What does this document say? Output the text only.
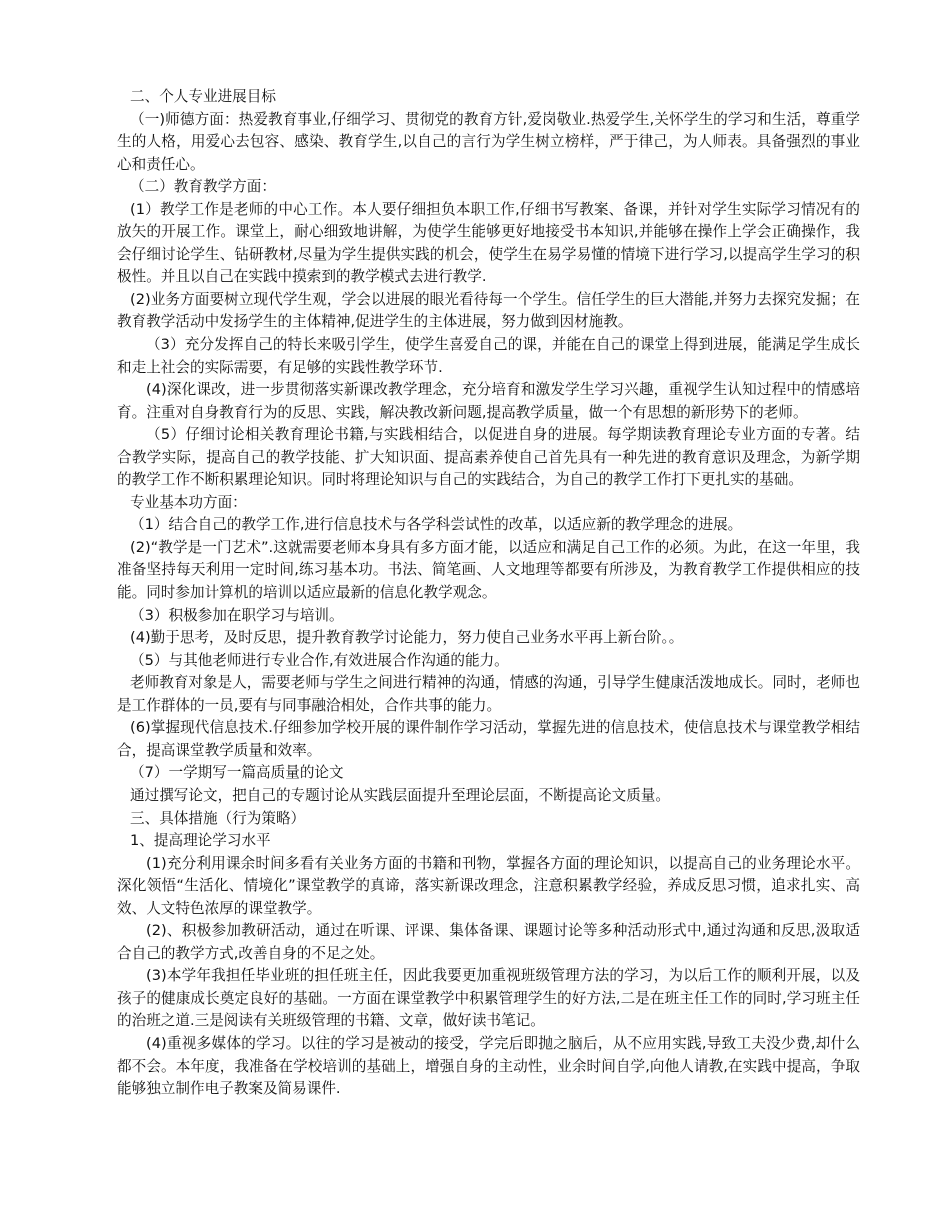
二、个人专业进展目标

（一)师德方面：热爱教育事业,仔细学习、贯彻党的教育方针,爱岗敬业.热爱学生,关怀学生的学习和生活，尊重学生的人格，用爱心去包容、感染、教育学生,以自己的言行为学生树立榜样，严于律己，为人师表。具备强烈的事业心和责任心。

（二）教育教学方面：

(1）教学工作是老师的中心工作。本人要仔细担负本职工作,仔细书写教案、备课，并针对学生实际学习情况有的放矢的开展工作。课堂上，耐心细致地讲解，为使学生能够更好地接受书本知识,并能够在操作上学会正确操作，我会仔细讨论学生、钻研教材,尽量为学生提供实践的机会，使学生在易学易懂的情境下进行学习,以提高学生学习的积极性。并且以自己在实践中摸索到的教学模式去进行教学.

(2)业务方面要树立现代学生观，学会以进展的眼光看待每一个学生。信任学生的巨大潜能,并努力去探究发掘；在教育教学活动中发扬学生的主体精神,促进学生的主体进展，努力做到因材施教。

（3）充分发挥自己的特长来吸引学生，使学生喜爱自己的课，并能在自己的课堂上得到进展，能满足学生成长和走上社会的实际需要，有足够的实践性教学环节.

(4)深化课改，进一步贯彻落实新课改教学理念，充分培育和激发学生学习兴趣，重视学生认知过程中的情感培育。注重对自身教育行为的反思、实践，解决教改新问题,提高教学质量，做一个有思想的新形势下的老师。

（5）仔细讨论相关教育理论书籍,与实践相结合，以促进自身的进展。每学期读教育理论专业方面的专著。结合教学实际，提高自己的教学技能、扩大知识面、提高素养使自己首先具有一种先进的教育意识及理念，为新学期的教学工作不断积累理论知识。同时将理论知识与自己的实践结合，为自己的教学工作打下更扎实的基础。

专业基本功方面：

（1）结合自己的教学工作,进行信息技术与各学科尝试性的改革，以适应新的教学理念的进展。

(2)“教学是一门艺术”.这就需要老师本身具有多方面才能，以适应和满足自己工作的必须。为此，在这一年里，我准备坚持每天利用一定时间,练习基本功。书法、简笔画、人文地理等都要有所涉及，为教育教学工作提供相应的技能。同时参加计算机的培训以适应最新的信息化教学观念。

（3）积极参加在职学习与培训。

(4)勤于思考，及时反思，提升教育教学讨论能力，努力使自己业务水平再上新台阶。。

（5）与其他老师进行专业合作,有效进展合作沟通的能力。

老师教育对象是人，需要老师与学生之间进行精神的沟通，情感的沟通，引导学生健康活泼地成长。同时，老师也是工作群体的一员,要有与同事融洽相处，合作共事的能力。

(6)掌握现代信息技术.仔细参加学校开展的课件制作学习活动，掌握先进的信息技术，使信息技术与课堂教学相结合，提高课堂教学质量和效率。

（7）一学期写一篇高质量的论文

通过撰写论文，把自己的专题讨论从实践层面提升至理论层面，不断提高论文质量。

三、具体措施（行为策略）

1、提高理论学习水平

(1)充分利用课余时间多看有关业务方面的书籍和刊物，掌握各方面的理论知识，以提高自己的业务理论水平。深化领悟“生活化、情境化”课堂教学的真谛，落实新课改理念，注意积累教学经验，养成反思习惯，追求扎实、高效、人文特色浓厚的课堂教学。

(2)、积极参加教研活动，通过在听课、评课、集体备课、课题讨论等多种活动形式中,通过沟通和反思,汲取适合自己的教学方式,改善自身的不足之处。

(3)本学年我担任毕业班的担任班主任，因此我要更加重视班级管理方法的学习，为以后工作的顺利开展，以及孩子的健康成长奠定良好的基础。一方面在课堂教学中积累管理学生的好方法,二是在班主任工作的同时,学习班主任的治班之道.三是阅读有关班级管理的书籍、文章，做好读书笔记。

(4)重视多媒体的学习。以往的学习是被动的接受，学完后即抛之脑后，从不应用实践,导致工夫没少费,却什么都不会。本年度，我准备在学校培训的基础上，增强自身的主动性，业余时间自学,向他人请教,在实践中提高，争取能够独立制作电子教案及简易课件.
